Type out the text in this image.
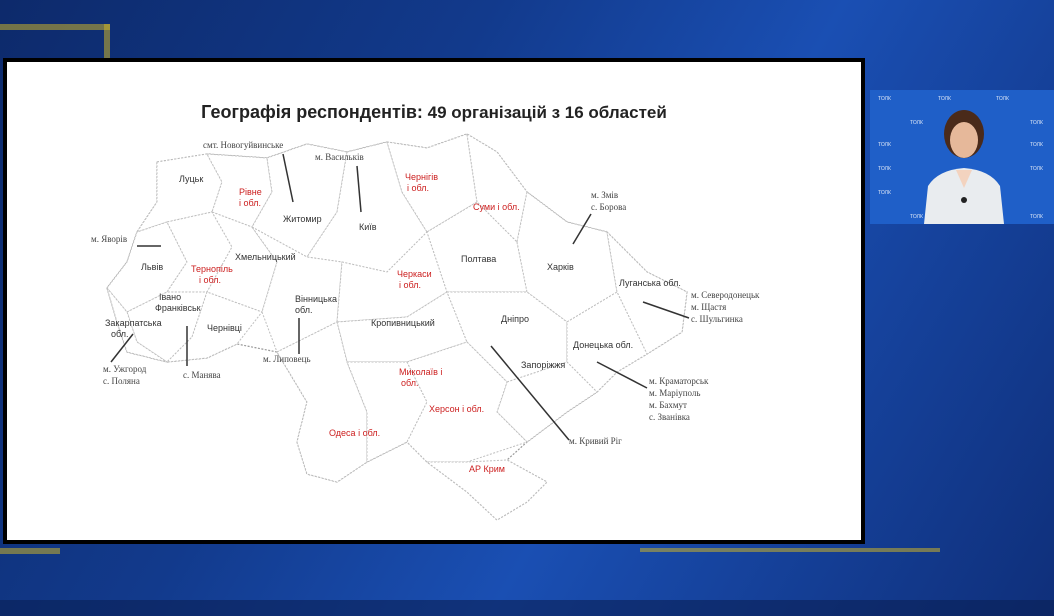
Луцьк
Рівне
і обл.
Житомир
Київ
Чернігів
і обл.
Суми і обл.
Львів	Тернопіль
і обл.
Хмельницький
Вінницька
обл.
Черкаси
і обл.
Полтава
Харків
Луганська обл.
Івано
Франківськ
Закарпатська
обл.
Чернівці	Кропивницький	Дніпро
Донецька обл.
Миколаїв і
обл.
Запоріжжя
Херсон і обл.
Одеса і обл.
АР Крим
смт. Новогуйвинське
м. Васильків
м. Змів
с. Борова
м. Яворів
м. Северодонецьк
м. Щастя
с. Шульгинка
м. Ужгород
с. Поляна
с. Манява
м. Липовець
м. Краматорськ
м. Маріуполь
м. Бахмут
с. Званівка
м. Кривий Ріг
Географія респондентів: 49 організацій з 16 областей
ТОЛК	ТОЛК	ТОЛК
ТОЛК	ТОЛК
ТОЛК	ТОЛК
ТОЛК	ТОЛК
ТОЛК
ТОЛК	ТОЛК
